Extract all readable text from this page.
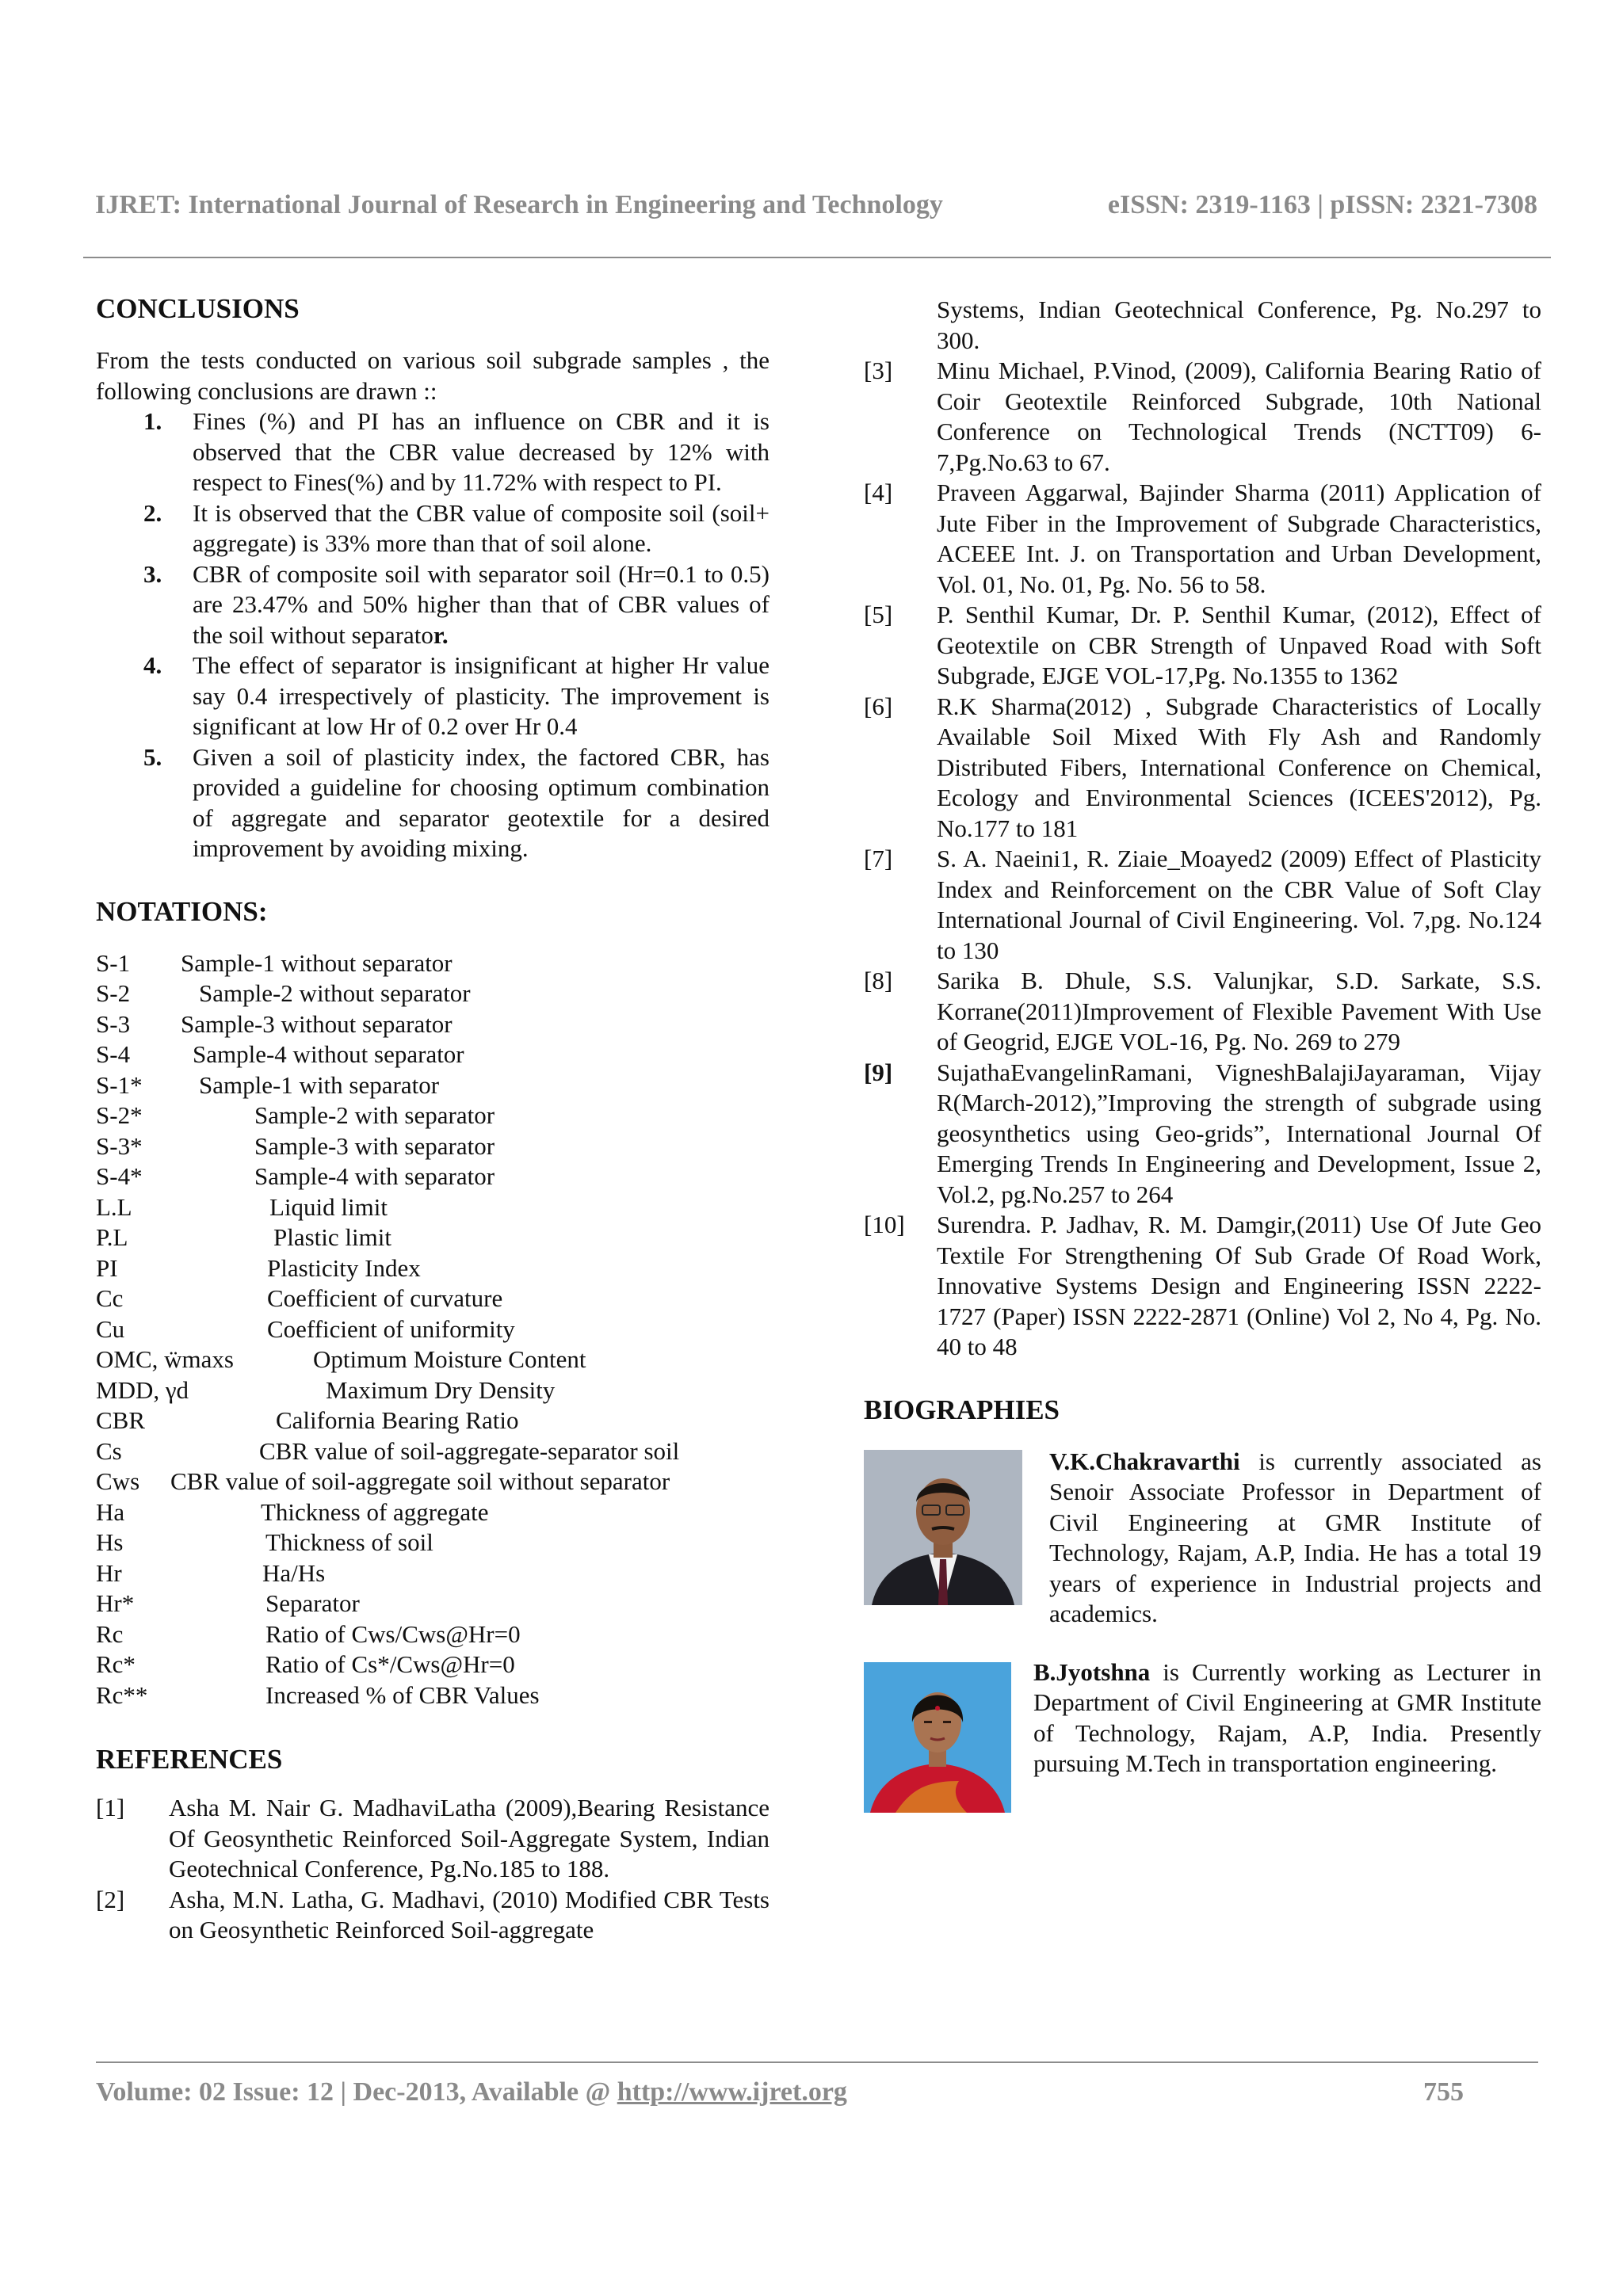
IJRET: International Journal of Research in Engineering and Technology	eISSN: 2319-1163 | pISSN: 2321-7308
CONCLUSIONS

From the tests conducted on various soil subgrade samples , the following conclusions are drawn ::

1. Fines (%) and PI has an influence on CBR and it is observed that the CBR value decreased by 12% with respect to Fines(%) and by 11.72% with respect to PI.
2. It is observed that the CBR value of composite soil (soil+ aggregate) is 33% more than that of soil alone.
3. CBR of composite soil with separator soil (Hr=0.1 to 0.5) are 23.47% and 50% higher than that of CBR values of the soil without separator.
4. The effect of separator is insignificant at higher Hr value say 0.4 irrespectively of plasticity. The improvement is significant at low Hr of 0.2 over Hr 0.4
5. Given a soil of plasticity index, the factored CBR, has provided a guideline for choosing optimum combination of aggregate and separator geotextile for a desired improvement by avoiding mixing.
NOTATIONS:
S-1 Sample-1 without separator
S-2	Sample-2 without separator
S-3 Sample-3 without separator
S-4	Sample-4 without separator
S-1* Sample-1 with separator
S-2*	Sample-2 with separator
S-3*	Sample-3 with separator
S-4*	Sample-4 with separator
L.L	Liquid limit
P.L	Plastic limit
PI	Plasticity Index
Cc	Coefficient of curvature
Cu	Coefficient of uniformity
OMC, ẅmaxs	Optimum Moisture Content
MDD, γd	Maximum Dry Density
CBR	California Bearing Ratio
Cs	CBR value of soil-aggregate-separator soil
Cws CBR value of soil-aggregate soil without separator
Ha	Thickness of aggregate
Hs	Thickness of soil
Hr	Ha/Hs
Hr*	Separator
Rc	Ratio of Cws/Cws@Hr=0
Rc*	Ratio of Cs*/Cws@Hr=0
Rc**	Increased % of CBR Values
REFERENCES
[1] Asha M. Nair G. MadhaviLatha (2009),Bearing Resistance Of Geosynthetic Reinforced Soil-Aggregate System, Indian Geotechnical Conference, Pg.No.185 to 188.
[2] Asha, M.N. Latha, G. Madhavi, (2010) Modified CBR Tests on Geosynthetic Reinforced Soil-aggregate
Systems, Indian Geotechnical Conference, Pg. No.297 to 300.
[3] Minu Michael, P.Vinod, (2009), California Bearing Ratio of Coir Geotextile Reinforced Subgrade, 10th National Conference on Technological Trends (NCTT09) 6-7,Pg.No.63 to 67.
[4] Praveen Aggarwal, Bajinder Sharma (2011) Application of Jute Fiber in the Improvement of Subgrade Characteristics, ACEEE Int. J. on Transportation and Urban Development, Vol. 01, No. 01, Pg. No. 56 to 58.
[5] P. Senthil Kumar, Dr. P. Senthil Kumar, (2012), Effect of Geotextile on CBR Strength of Unpaved Road with Soft Subgrade, EJGE VOL-17,Pg. No.1355 to 1362
[6] R.K Sharma(2012) , Subgrade Characteristics of Locally Available Soil Mixed With Fly Ash and Randomly Distributed Fibers, International Conference on Chemical, Ecology and Environmental Sciences (ICEES'2012), Pg. No.177 to 181
[7] S. A. Naeini1, R. Ziaie_Moayed2 (2009) Effect of Plasticity Index and Reinforcement on the CBR Value of Soft Clay International Journal of Civil Engineering. Vol. 7,pg. No.124 to 130
[8] Sarika B. Dhule, S.S. Valunjkar, S.D. Sarkate, S.S. Korrane(2011)Improvement of Flexible Pavement With Use of Geogrid, EJGE VOL-16, Pg. No. 269 to 279
[9] SujathaEvangelinRamani, VigneshBalajiJayaraman, Vijay R(March-2012),”Improving the strength of subgrade using geosynthetics using Geo-grids”, International Journal Of Emerging Trends In Engineering and Development, Issue 2, Vol.2, pg.No.257 to 264
[10] Surendra. P. Jadhav, R. M. Damgir,(2011) Use Of Jute Geo Textile For Strengthening Of Sub Grade Of Road Work, Innovative Systems Design and Engineering ISSN 2222-1727 (Paper) ISSN 2222-2871 (Online) Vol 2, No 4, Pg. No. 40 to 48
BIOGRAPHIES

V.K.Chakravarthi is currently associated as Senoir Associate Professor in Department of Civil Engineering at GMR Institute of Technology, Rajam, A.P, India. He has a total 19 years of experience in Industrial projects and academics.

B.Jyotshna is Currently working as Lecturer in Department of Civil Engineering at GMR Institute of Technology, Rajam, A.P, India. Presently pursuing M.Tech in transportation engineering.

Volume: 02 Issue: 12 | Dec-2013, Available @ http://www.ijret.org	755
